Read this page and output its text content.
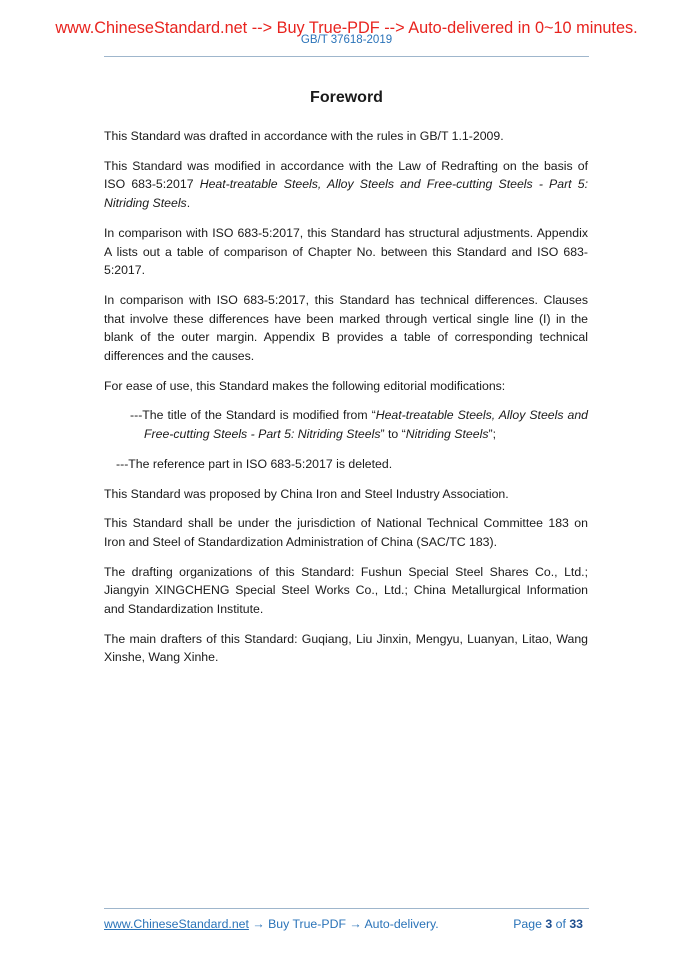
www.ChineseStandard.net --> Buy True-PDF --> Auto-delivered in 0~10 minutes.
GB/T 37618-2019
Foreword

This Standard was drafted in accordance with the rules in GB/T 1.1-2009.

This Standard was modified in accordance with the Law of Redrafting on the basis of ISO 683-5:2017 Heat-treatable Steels, Alloy Steels and Free-cutting Steels - Part 5: Nitriding Steels.

In comparison with ISO 683-5:2017, this Standard has structural adjustments. Appendix A lists out a table of comparison of Chapter No. between this Standard and ISO 683-5:2017.

In comparison with ISO 683-5:2017, this Standard has technical differences. Clauses that involve these differences have been marked through vertical single line (I) in the blank of the outer margin. Appendix B provides a table of corresponding technical differences and the causes.

For ease of use, this Standard makes the following editorial modifications:

---The title of the Standard is modified from “Heat-treatable Steels, Alloy Steels and Free-cutting Steels - Part 5: Nitriding Steels” to “Nitriding Steels”;

---The reference part in ISO 683-5:2017 is deleted.

This Standard was proposed by China Iron and Steel Industry Association.

This Standard shall be under the jurisdiction of National Technical Committee 183 on Iron and Steel of Standardization Administration of China (SAC/TC 183).

The drafting organizations of this Standard: Fushun Special Steel Shares Co., Ltd.; Jiangyin XINGCHENG Special Steel Works Co., Ltd.; China Metallurgical Information and Standardization Institute.

The main drafters of this Standard: Guqiang, Liu Jinxin, Mengyu, Luanyan, Litao, Wang Xinshe, Wang Xinhe.

www.ChineseStandard.net → Buy True-PDF → Auto-delivery.	Page 3 of 33
